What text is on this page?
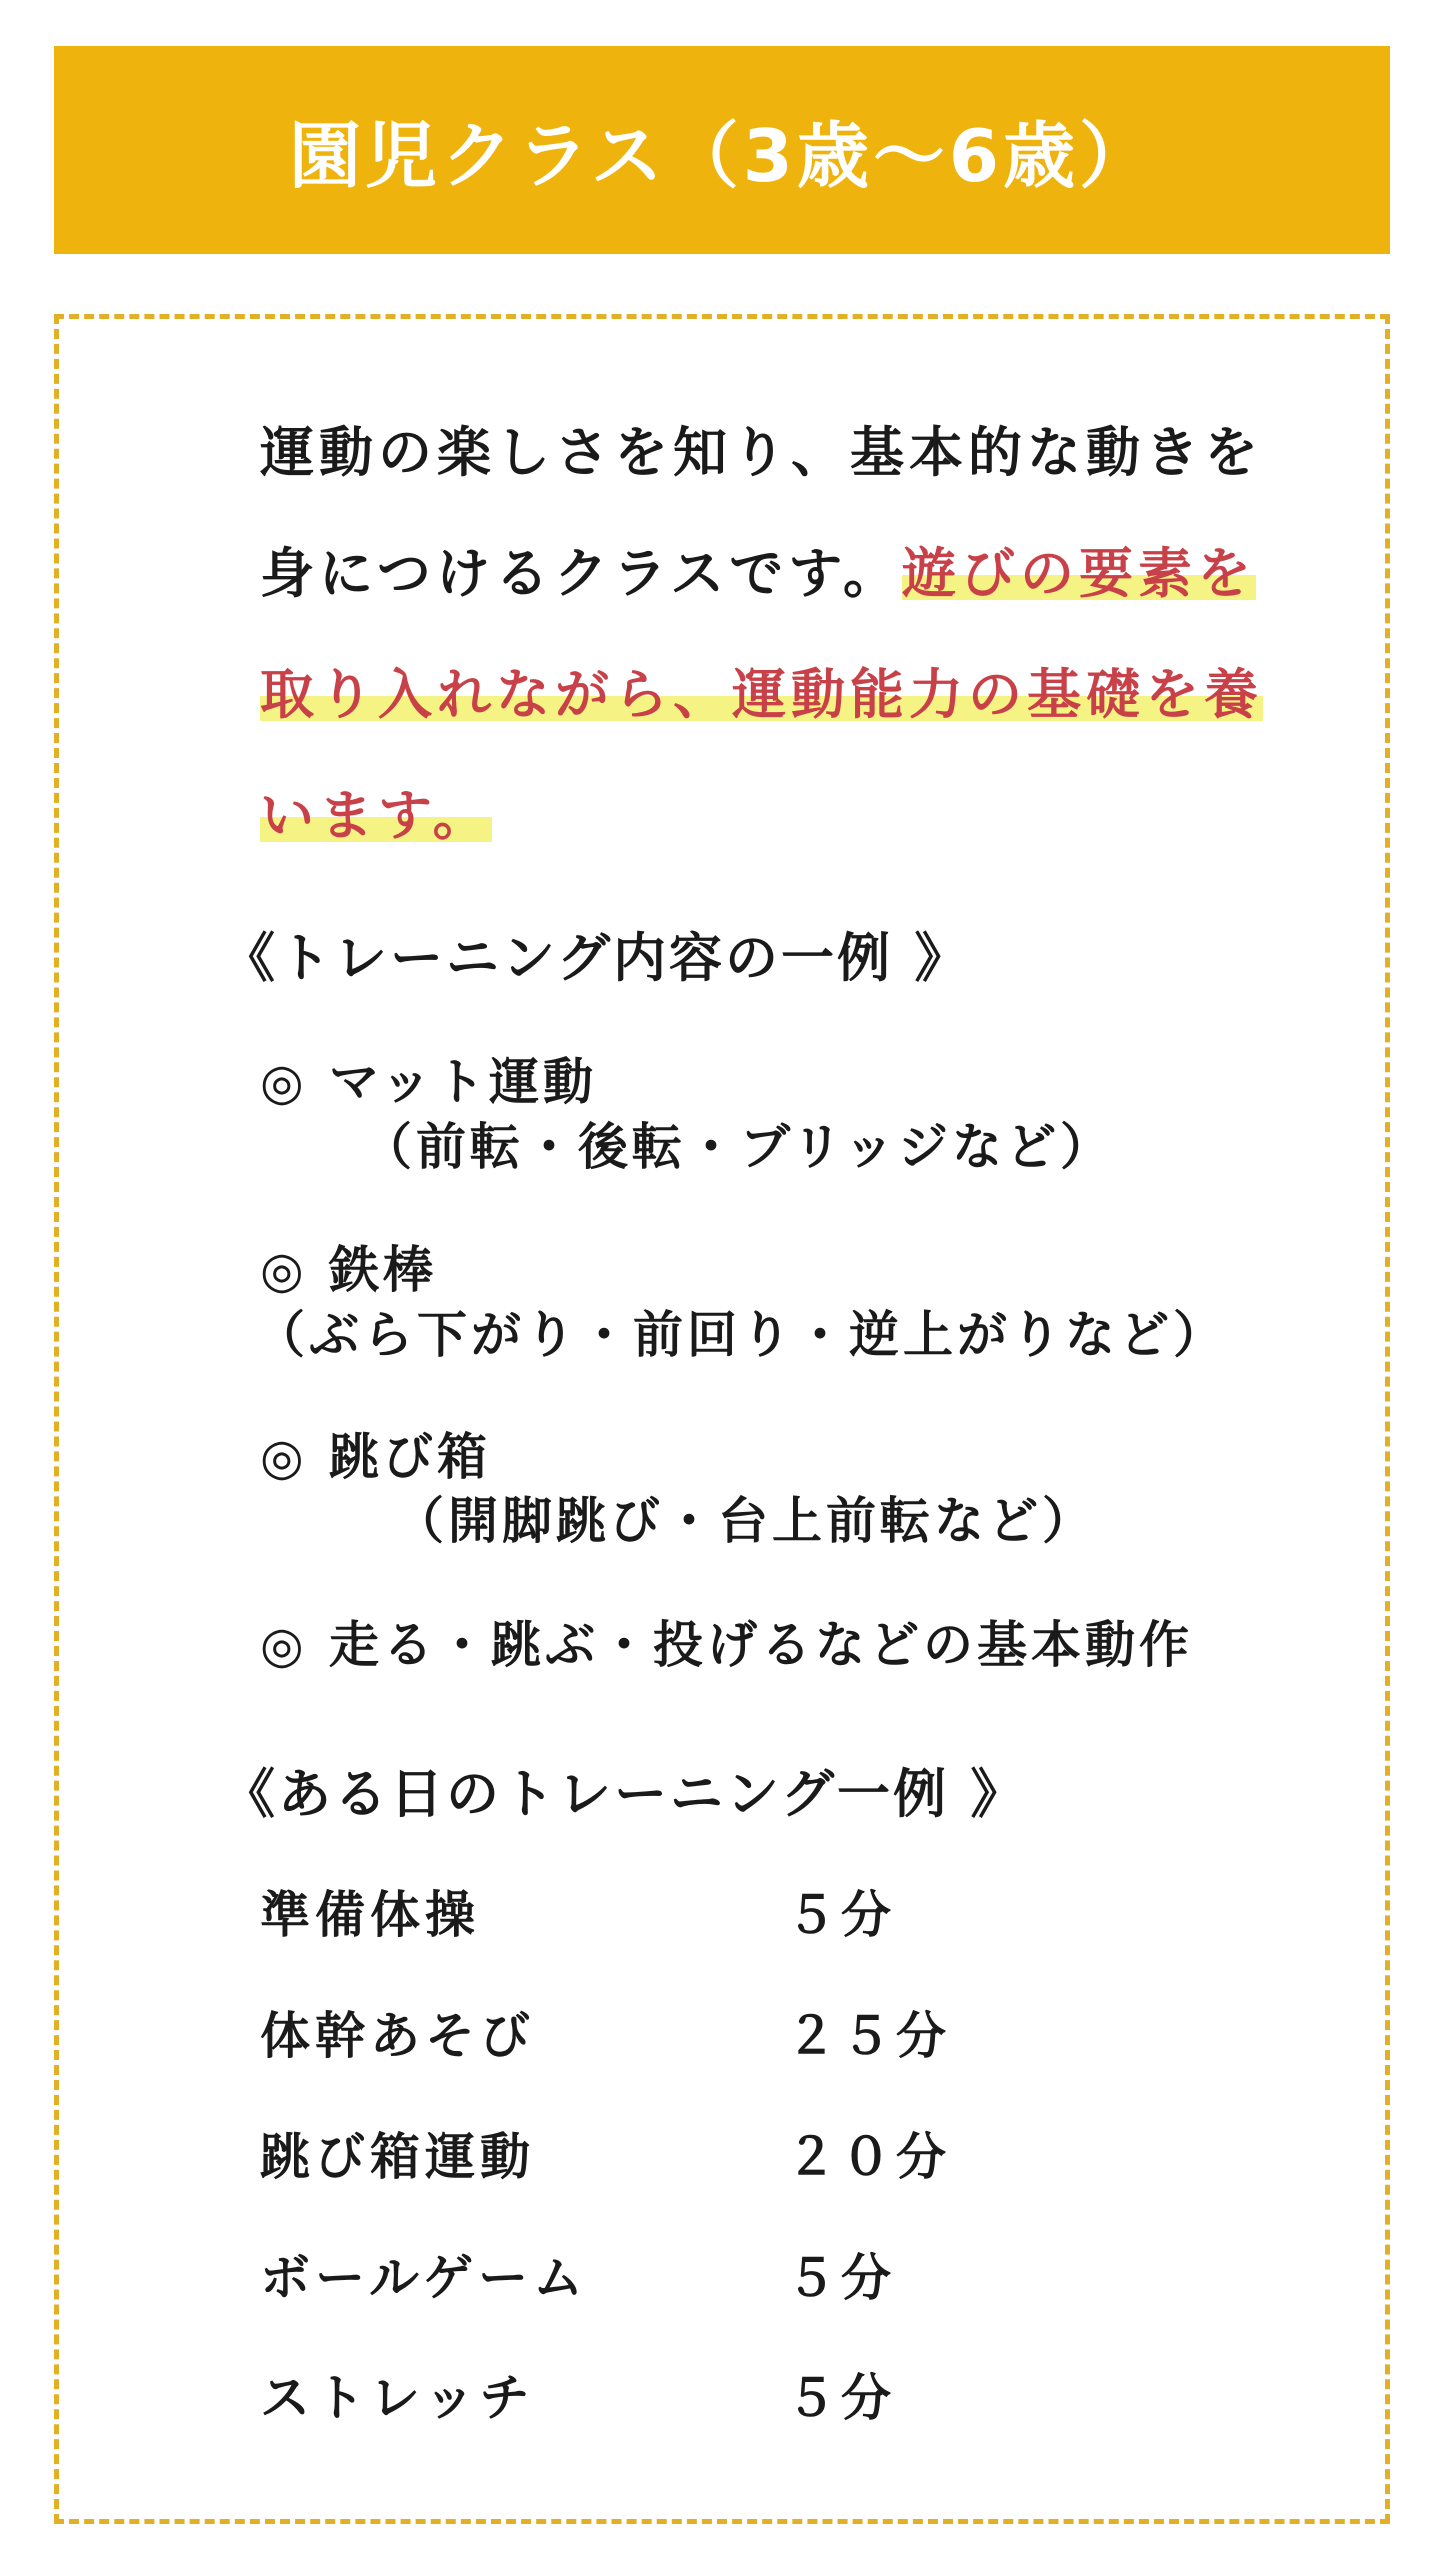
園児クラス（3歳～6歳）
運動の楽しさを知り、基本的な動きを
身につけるクラスです。遊びの要素を
取り入れながら、運動能力の基礎を養
います。
《トレーニング内容の一例 》
◎ マット運動
（前転・後転・ブリッジなど）
◎ 鉄棒
（ぶら下がり・前回り・逆上がりなど）
◎ 跳び箱
（開脚跳び・台上前転など）
◎ 走る・跳ぶ・投げるなどの基本動作
《ある日のトレーニング一例 》
準備体操	５分
体幹あそび	２５分
跳び箱運動	２０分
ボールゲーム	５分
ストレッチ	５分
